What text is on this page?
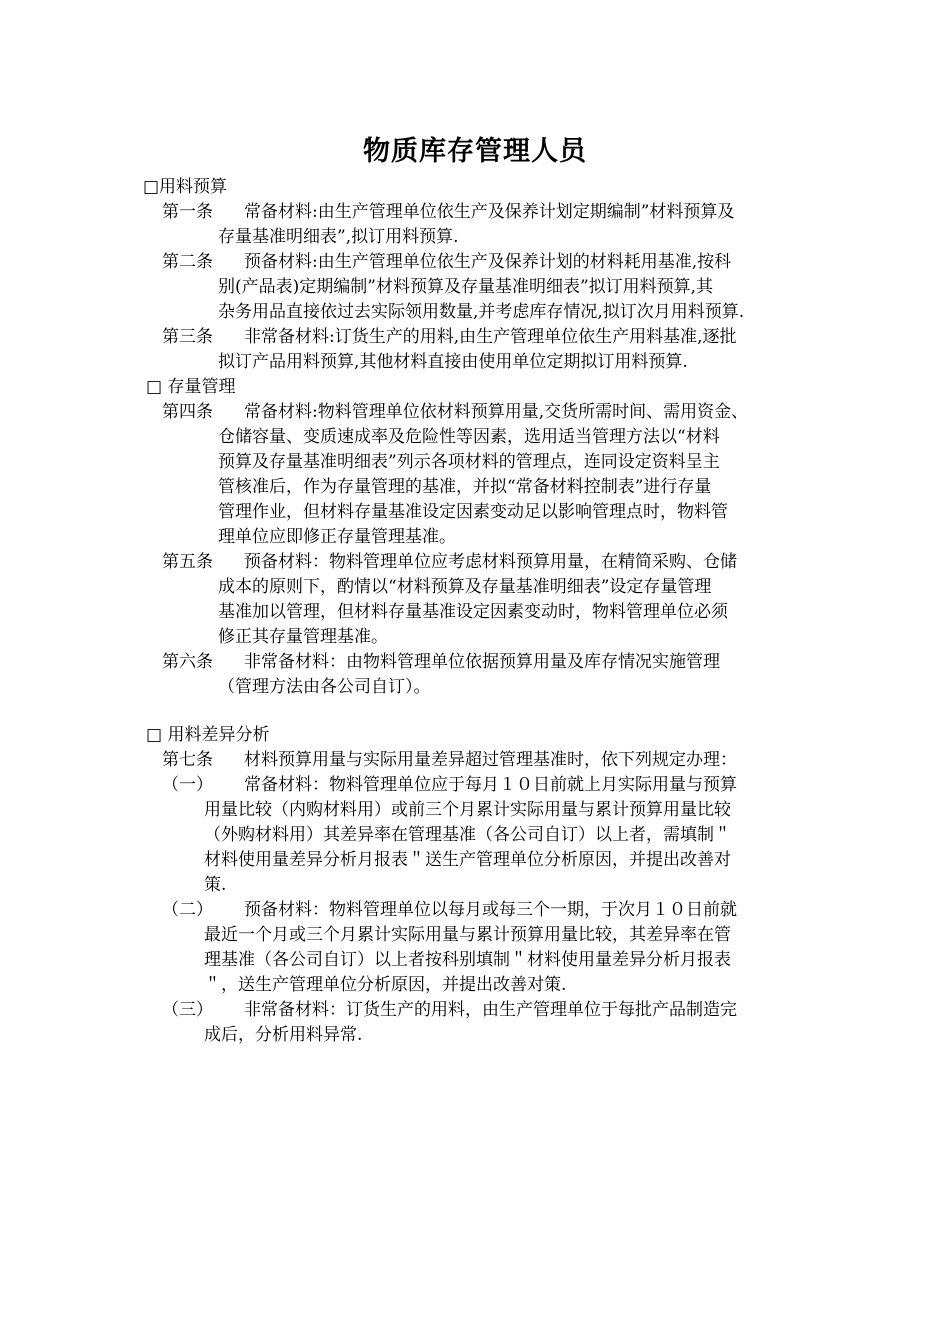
物质库存管理人员
□用料预算
第一条 常备材料:由生产管理单位依生产及保养计划定期编制”材料预算及
存量基准明细表”,拟订用料预算.
第二条 预备材料:由生产管理单位依生产及保养计划的材料耗用基准,按科
别(产品表)定期编制”材料预算及存量基准明细表”拟订用料预算,其
杂务用品直接依过去实际领用数量,并考虑库存情况,拟订次月用料预算.
第三条 非常备材料:订货生产的用料,由生产管理单位依生产用料基准,逐批
拟订产品用料预算,其他材料直接由使用单位定期拟订用料预算.
□ 存量管理
第四条 常备材料:物料管理单位依材料预算用量,交货所需时间、需用资金、
仓储容量、变质速成率及危险性等因素，选用适当管理方法以“材料
预算及存量基准明细表”列示各项材料的管理点，连同设定资料呈主
管核准后，作为存量管理的基准，并拟“常备材料控制表”进行存量
管理作业，但材料存量基准设定因素变动足以影响管理点时，物料管
理单位应即修正存量管理基准。
第五条 预备材料：物料管理单位应考虑材料预算用量，在精简采购、仓储
成本的原则下，酌情以“材料预算及存量基准明细表”设定存量管理
基准加以管理，但材料存量基准设定因素变动时，物料管理单位必须
修正其存量管理基准。
第六条 非常备材料：由物料管理单位依据预算用量及库存情况实施管理
（管理方法由各公司自订）。
□ 用料差异分析
第七条 材料预算用量与实际用量差异超过管理基准时，依下列规定办理：
（一） 常备材料：物料管理单位应于每月１０日前就上月实际用量与预算
用量比较（内购材料用）或前三个月累计实际用量与累计预算用量比较
（外购材料用）其差异率在管理基准（各公司自订）以上者，需填制＂
材料使用量差异分析月报表＂送生产管理单位分析原因，并提出改善对
策.
（二） 预备材料：物料管理单位以每月或每三个一期，于次月１０日前就
最近一个月或三个月累计实际用量与累计预算用量比较，其差异率在管
理基准（各公司自订）以上者按科别填制＂材料使用量差异分析月报表
＂，送生产管理单位分析原因，并提出改善对策.
（三） 非常备材料：订货生产的用料，由生产管理单位于每批产品制造完
成后，分析用料异常.
